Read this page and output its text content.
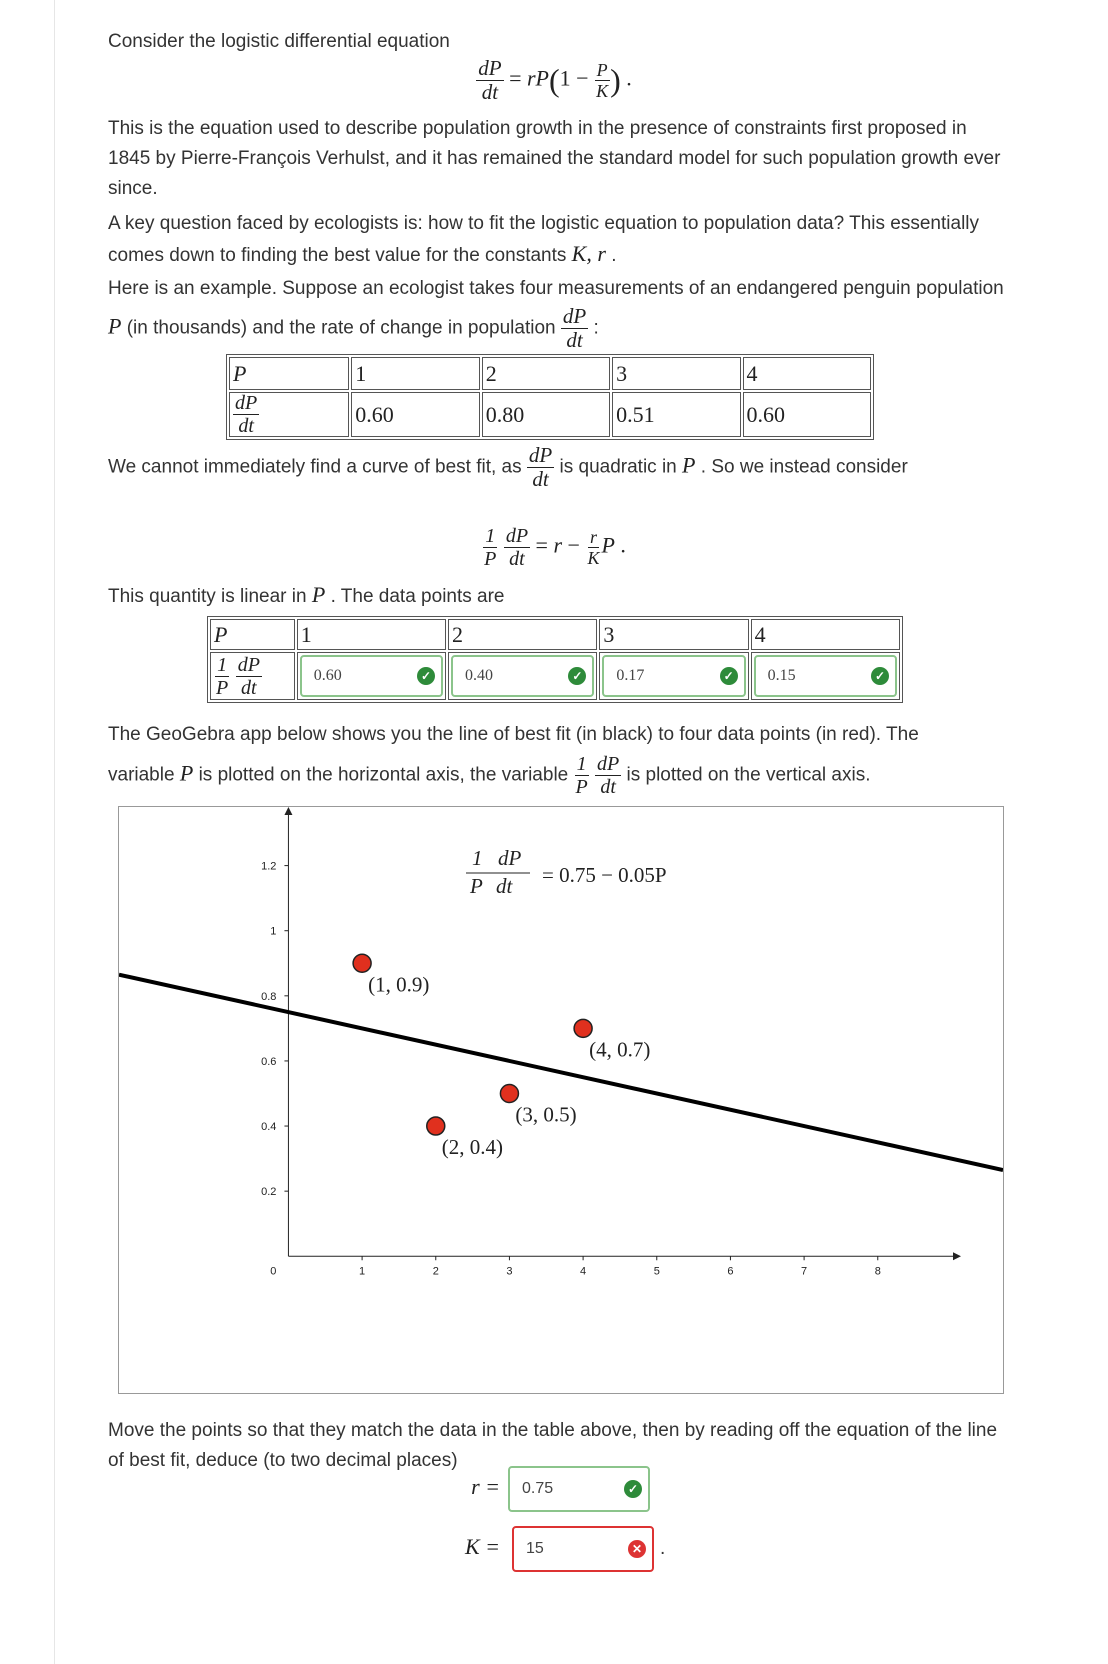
Consider the logistic differential equation

$\frac{dP}{dt} = rP(1 - \frac{P}{K}$ ) .

This is the equation used to describe population growth in the presence of constraints first proposed in 1845 by Pierre-François Verhulst, and it has remained the standard model for such population growth ever since.

A key question faced by ecologists is: how to fit the logistic equation to population data? This essentially comes down to finding the best value for the constants K, r .

Here is an example. Suppose an ecologist takes four measurements of an endangered penguin population P (in thousands) and the rate of change in population $\frac{dP}{dt}$ :

P	1	2	3	4

$\frac{dP}{dt}$	0.60	0.80	0.51	0.60

We cannot immediately find a curve of best fit, as $\frac{dP}{dt}$ is quadratic in P . So we instead consider

$\frac{1}{P}$
$\frac{dP}{dt} = r - \frac{r}{K}$ P .

This quantity is linear in P . The data points are

P	1	2	3	4

$\frac{1}{P}$
$\frac{dP}{dt}$	0.60 ✓	0.40 ✓	0.17 ✓	0.15 ✓

The GeoGebra app below shows you the line of best fit (in black) to four data points (in red). The

variable P is plotted on the horizontal axis, the variable $\frac{1}{P}$
$\frac{dP}{dt}$ is plotted on the vertical axis.

1	2	3	4	5	6	7	8
0
0.2
0.4
0.6
0.8
1
1.2
(1, 0.9)
(2, 0.4)
(3, 0.5)
(4, 0.7)
1 dP
P dt = 0.75 − 0.05P

Move the points so that they match the data in the table above, then by reading off the equation of the line of best fit, deduce (to two decimal places)

r = 0.75	✓
K = 15	✕ .
